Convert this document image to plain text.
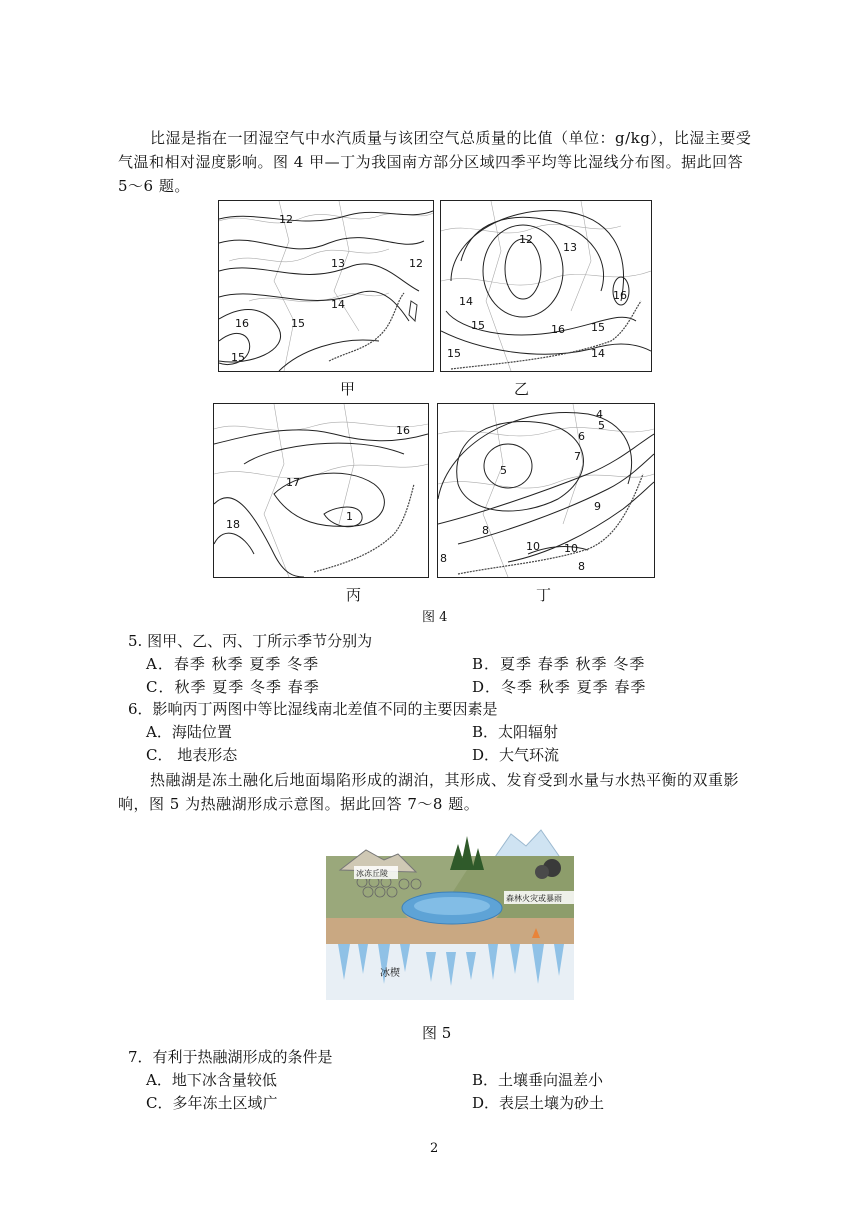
比湿是指在一团湿空气中水汽质量与该团空气总质量的比值（单位：g/kg），比湿主要受气温和相对湿度影响。图 4 甲—丁为我国南方部分区域四季平均等比湿线分布图。据此回答 5～6 题。
12
13	12
14
16	15
15
甲
12
13
16
14
15	16 15
15	14
乙
16
17
18
1
丙
4
5
6
5
7
9
8
10 10
8
8
丁
图 4
5. 图甲、乙、丙、丁所示季节分别为
A．春季 秋季 夏季 冬季	B．夏季 春季 秋季 冬季
C．秋季 夏季 冬季 春季	D．冬季 秋季 夏季 春季
6．影响丙丁两图中等比湿线南北差值不同的主要因素是
A．海陆位置	B．太阳辐射
C． 地表形态	D．大气环流
热融湖是冻土融化后地面塌陷形成的湖泊，其形成、发育受到水量与水热平衡的双重影响，图 5 为热融湖形成示意图。据此回答 7～8 题。
冰冻丘陵
森林火灾或暴雨
冰楔
图 5
7．有利于热融湖形成的条件是
A．地下冰含量较低	B．土壤垂向温差小
C．多年冻土区域广	D．表层土壤为砂土
2
